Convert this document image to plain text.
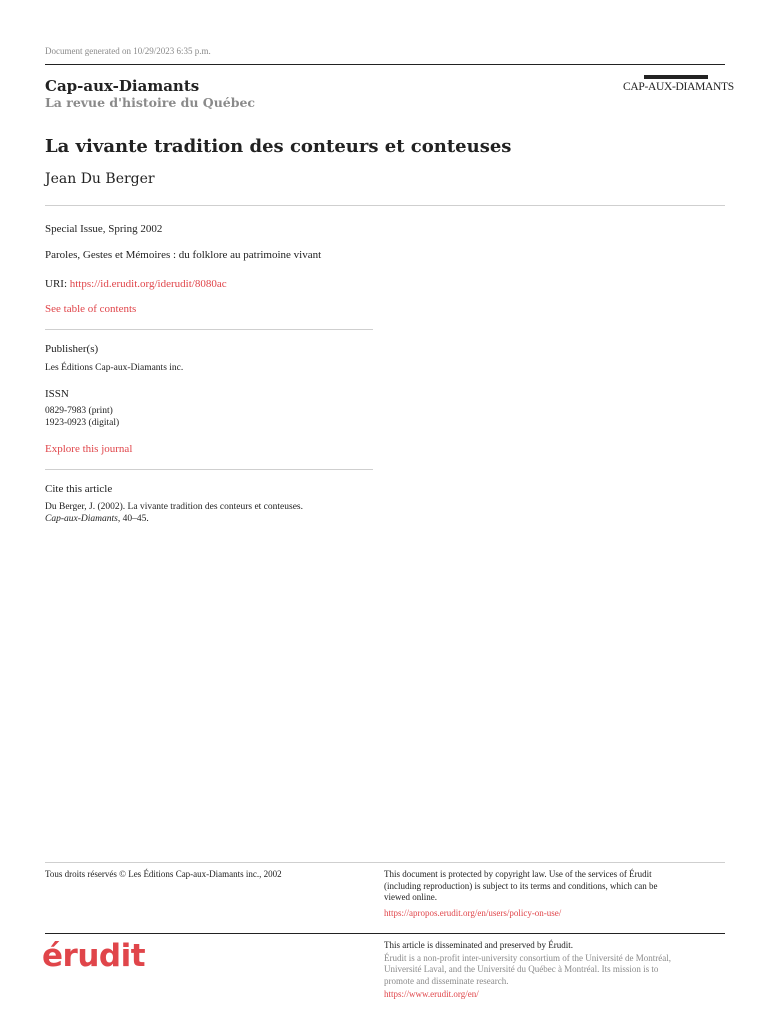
Document generated on 10/29/2023 6:35 p.m.
Cap-aux-Diamants
La revue d'histoire du Québec
CAP-AUX-DIAMANTS
La vivante tradition des conteurs et conteuses
Jean Du Berger
Special Issue, Spring 2002
Paroles, Gestes et Mémoires : du folklore au patrimoine vivant
URI: https://id.erudit.org/iderudit/8080ac
See table of contents
Publisher(s)
Les Éditions Cap-aux-Diamants inc.
ISSN
0829-7983 (print)
1923-0923 (digital)
Explore this journal
Cite this article
Du Berger, J. (2002). La vivante tradition des conteurs et conteuses.
Cap-aux-Diamants, 40–45.
Tous droits réservés © Les Éditions Cap-aux-Diamants inc., 2002	This document is protected by copyright law. Use of the services of Érudit
(including reproduction) is subject to its terms and conditions, which can be
viewed online.
https://apropos.erudit.org/en/users/policy-on-use/
érudit	This article is disseminated and preserved by Érudit.
Érudit is a non-profit inter-university consortium of the Université de Montréal,
Université Laval, and the Université du Québec à Montréal. Its mission is to
promote and disseminate research.
https://www.erudit.org/en/
